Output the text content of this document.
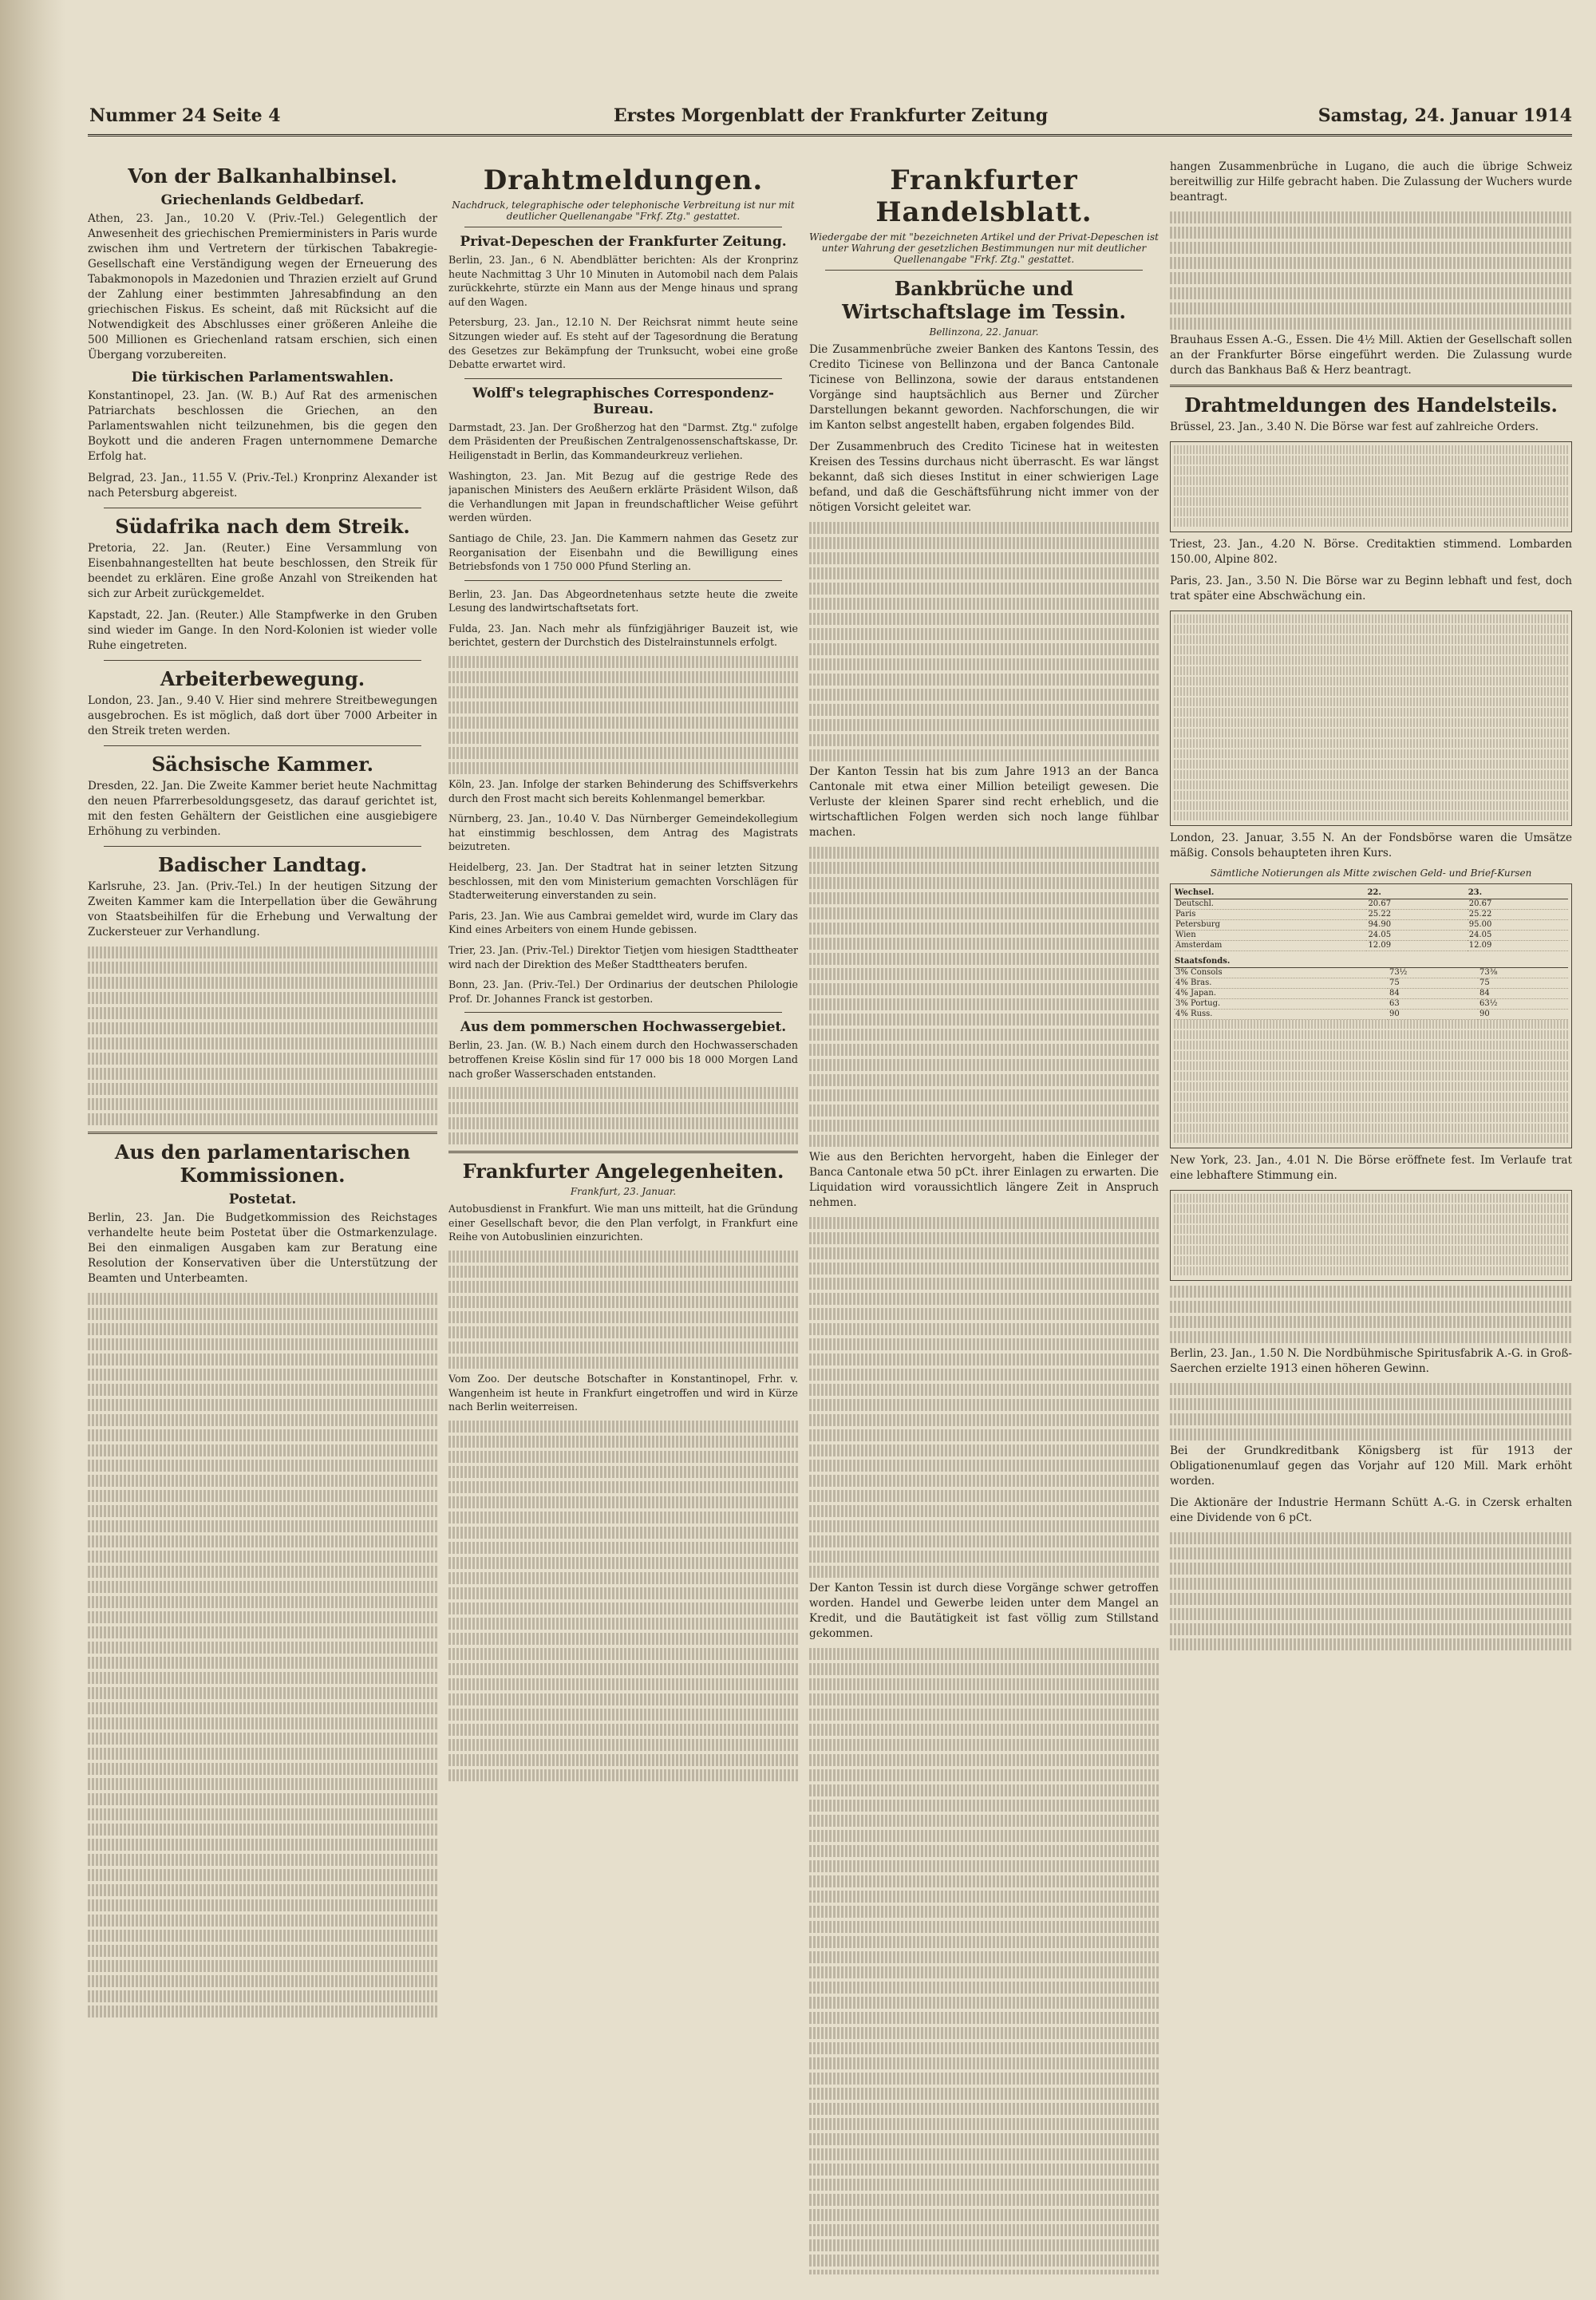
Nummer 24 Seite 4	Erstes Morgenblatt der Frankfurter Zeitung	Samstag, 24. Januar 1914
Von der Balkanhalbinsel.
Griechenlands Geldbedarf.

Athen, 23. Jan., 10.20 V. (Priv.-Tel.) Gelegentlich der Anwesenheit des griechischen Premierministers in Paris wurde zwischen ihm und Vertretern der türkischen Tabakregie-Gesellschaft eine Verständigung wegen der Erneuerung des Tabakmonopols in Mazedonien und Thrazien erzielt auf Grund der Zahlung einer bestimmten Jahresabfindung an den griechischen Fiskus. Es scheint, daß mit Rücksicht auf die Notwendigkeit des Abschlusses einer größeren Anleihe die 500 Millionen es Griechenland ratsam erschien, sich einen Übergang vorzubereiten.

Die türkischen Parlamentswahlen.

Konstantinopel, 23. Jan. (W. B.) Auf Rat des armenischen Patriarchats beschlossen die Griechen, an den Parlamentswahlen nicht teilzunehmen, bis die gegen den Boykott und die anderen Fragen unternommene Demarche Erfolg hat.

Belgrad, 23. Jan., 11.55 V. (Priv.-Tel.) Kronprinz Alexander ist nach Petersburg abgereist.

Südafrika nach dem Streik.

Pretoria, 22. Jan. (Reuter.) Eine Versammlung von Eisenbahnangestellten hat beute beschlossen, den Streik für beendet zu erklären. Eine große Anzahl von Streikenden hat sich zur Arbeit zurückgemeldet.

Kapstadt, 22. Jan. (Reuter.) Alle Stampfwerke in den Gruben sind wieder im Gange. In den Nord-Kolonien ist wieder volle Ruhe eingetreten.

Arbeiterbewegung.

London, 23. Jan., 9.40 V. Hier sind mehrere Streitbewegungen ausgebrochen. Es ist möglich, daß dort über 7000 Arbeiter in den Streik treten werden.

Sächsische Kammer.

Dresden, 22. Jan. Die Zweite Kammer beriet heute Nachmittag den neuen Pfarrerbesoldungsgesetz, das darauf gerichtet ist, mit den festen Gehältern der Geistlichen eine ausgiebigere Erhöhung zu verbinden.

Badischer Landtag.

Karlsruhe, 23. Jan. (Priv.-Tel.) In der heutigen Sitzung der Zweiten Kammer kam die Interpellation über die Gewährung von Staatsbeihilfen für die Erhebung und Verwaltung der Zuckersteuer zur Verhandlung.

Aus den parlamentarischen Kommissionen.
Postetat.

Berlin, 23. Jan. Die Budgetkommission des Reichstages verhandelte heute beim Postetat über die Ostmarkenzulage. Bei den einmaligen Ausgaben kam zur Beratung eine Resolution der Konservativen über die Unterstützung der Beamten und Unterbeamten.

Drahtmeldungen.
Nachdruck, telegraphische oder telephonische Verbreitung ist nur mit deutlicher Quellenangabe "Frkf. Ztg." gestattet.
Privat-Depeschen der Frankfurter Zeitung.

Berlin, 23. Jan., 6 N. Abendblätter berichten: Als der Kronprinz heute Nachmittag 3 Uhr 10 Minuten in Automobil nach dem Palais zurückkehrte, stürzte ein Mann aus der Menge hinaus und sprang auf den Wagen.

Petersburg, 23. Jan., 12.10 N. Der Reichsrat nimmt heute seine Sitzungen wieder auf. Es steht auf der Tagesordnung die Beratung des Gesetzes zur Bekämpfung der Trunksucht, wobei eine große Debatte erwartet wird.

Wolff's telegraphisches Correspondenz-Bureau.

Darmstadt, 23. Jan. Der Großherzog hat den "Darmst. Ztg." zufolge dem Präsidenten der Preußischen Zentralgenossenschaftskasse, Dr. Heiligenstadt in Berlin, das Kommandeurkreuz verliehen.

Washington, 23. Jan. Mit Bezug auf die gestrige Rede des japanischen Ministers des Aeußern erklärte Präsident Wilson, daß die Verhandlungen mit Japan in freundschaftlicher Weise geführt werden würden.

Santiago de Chile, 23. Jan. Die Kammern nahmen das Gesetz zur Reorganisation der Eisenbahn und die Bewilligung eines Betriebsfonds von 1 750 000 Pfund Sterling an.

Berlin, 23. Jan. Das Abgeordnetenhaus setzte heute die zweite Lesung des landwirtschaftsetats fort.

Fulda, 23. Jan. Nach mehr als fünfzigjähriger Bauzeit ist, wie berichtet, gestern der Durchstich des Distelrainstunnels erfolgt.

Köln, 23. Jan. Infolge der starken Behinderung des Schiffsverkehrs durch den Frost macht sich bereits Kohlenmangel bemerkbar.

Nürnberg, 23. Jan., 10.40 V. Das Nürnberger Gemeindekollegium hat einstimmig beschlossen, dem Antrag des Magistrats beizutreten.

Heidelberg, 23. Jan. Der Stadtrat hat in seiner letzten Sitzung beschlossen, mit den vom Ministerium gemachten Vorschlägen für Stadterweiterung einverstanden zu sein.

Paris, 23. Jan. Wie aus Cambrai gemeldet wird, wurde im Clary das Kind eines Arbeiters von einem Hunde gebissen.

Trier, 23. Jan. (Priv.-Tel.) Direktor Tietjen vom hiesigen Stadttheater wird nach der Direktion des Meßer Stadttheaters berufen.

Bonn, 23. Jan. (Priv.-Tel.) Der Ordinarius der deutschen Philologie Prof. Dr. Johannes Franck ist gestorben.

Aus dem pommerschen Hochwassergebiet.

Berlin, 23. Jan. (W. B.) Nach einem durch den Hochwasserschaden betroffenen Kreise Köslin sind für 17 000 bis 18 000 Morgen Land nach großer Wasserschaden entstanden.

Frankfurter Angelegenheiten.
Frankfurt, 23. Januar.

Autobusdienst in Frankfurt. Wie man uns mitteilt, hat die Gründung einer Gesellschaft bevor, die den Plan verfolgt, in Frankfurt eine Reihe von Autobuslinien einzurichten.

Vom Zoo. Der deutsche Botschafter in Konstantinopel, Frhr. v. Wangenheim ist heute in Frankfurt eingetroffen und wird in Kürze nach Berlin weiterreisen.

Frankfurter Handelsblatt.
Wiedergabe der mit "bezeichneten Artikel und der Privat-Depeschen ist unter Wahrung der gesetzlichen Bestimmungen nur mit deutlicher Quellenangabe "Frkf. Ztg." gestattet.
Bankbrüche und Wirtschaftslage im Tessin.
Bellinzona, 22. Januar.

Die Zusammenbrüche zweier Banken des Kantons Tessin, des Credito Ticinese von Bellinzona und der Banca Cantonale Ticinese von Bellinzona, sowie der daraus entstandenen Vorgänge sind hauptsächlich aus Berner und Zürcher Darstellungen bekannt geworden. Nachforschungen, die wir im Kanton selbst angestellt haben, ergaben folgendes Bild.

Der Zusammenbruch des Credito Ticinese hat in weitesten Kreisen des Tessins durchaus nicht überrascht. Es war längst bekannt, daß sich dieses Institut in einer schwierigen Lage befand, und daß die Geschäftsführung nicht immer von der nötigen Vorsicht geleitet war.

Der Kanton Tessin hat bis zum Jahre 1913 an der Banca Cantonale mit etwa einer Million beteiligt gewesen. Die Verluste der kleinen Sparer sind recht erheblich, und die wirtschaftlichen Folgen werden sich noch lange fühlbar machen.

Wie aus den Berichten hervorgeht, haben die Einleger der Banca Cantonale etwa 50 pCt. ihrer Einlagen zu erwarten. Die Liquidation wird voraussichtlich längere Zeit in Anspruch nehmen.

Der Kanton Tessin ist durch diese Vorgänge schwer getroffen worden. Handel und Gewerbe leiden unter dem Mangel an Kredit, und die Bautätigkeit ist fast völlig zum Stillstand gekommen.

hangen Zusammenbrüche in Lugano, die auch die übrige Schweiz bereitwillig zur Hilfe gebracht haben. Die Zulassung der Wuchers wurde beantragt.

Brauhaus Essen A.-G., Essen. Die 4½ Mill. Aktien der Gesellschaft sollen an der Frankfurter Börse eingeführt werden. Die Zulassung wurde durch das Bankhaus Baß & Herz beantragt.

Drahtmeldungen des Handelsteils.

Brüssel, 23. Jan., 3.40 N. Die Börse war fest auf zahlreiche Orders.

Triest, 23. Jan., 4.20 N. Börse. Creditaktien stimmend. Lombarden 150.00, Alpine 802.

Paris, 23. Jan., 3.50 N. Die Börse war zu Beginn lebhaft und fest, doch trat später eine Abschwächung ein.

London, 23. Januar, 3.55 N. An der Fondsbörse waren die Umsätze mäßig. Consols behaupteten ihren Kurs.

Sämtliche Notierungen als Mitte zwischen Geld- und Brief-Kursen
Wechsel.	22.	23.
Deutschl.	20.67	20.67
Paris	25.22	25.22
Petersburg	94.90	95.00
Wien	24.05	24.05
Amsterdam	12.09	12.09
Staatsfonds.		
3% Consols	73½	73⅜
4% Bras.	75	75
4% Japan.	84	84
3% Portug.	63	63½
4% Russ.	90	90

New York, 23. Jan., 4.01 N. Die Börse eröffnete fest. Im Verlaufe trat eine lebhaftere Stimmung ein.

Berlin, 23. Jan., 1.50 N. Die Nordbühmische Spiritusfabrik A.-G. in Groß-Saerchen erzielte 1913 einen höheren Gewinn.

Bei der Grundkreditbank Königsberg ist für 1913 der Obligationenumlauf gegen das Vorjahr auf 120 Mill. Mark erhöht worden.

Die Aktionäre der Industrie Hermann Schütt A.-G. in Czersk erhalten eine Dividende von 6 pCt.
